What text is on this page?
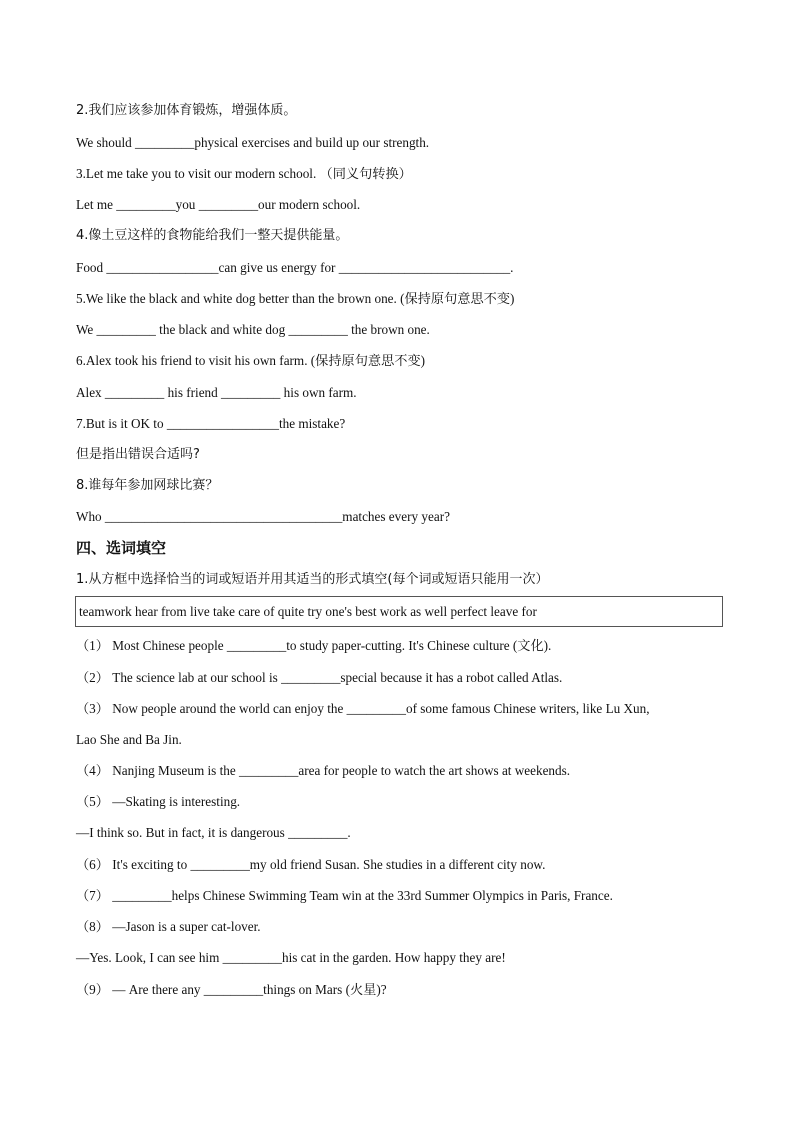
2.我们应该参加体育锻炼，增强体质。
We should _________physical exercises and build up our strength.
3.Let me take you to visit our modern school. （同义句转换）
Let me _________you _________our modern school.
4.像土豆这样的食物能给我们一整天提供能量。
Food _________________can give us energy for __________________________.
5.We like the black and white dog better than the brown one. (保持原句意思不变)
We _________ the black and white dog _________ the brown one.
6.Alex took his friend to visit his own farm. (保持原句意思不变)
Alex _________ his friend _________ his own farm.
7.But is it OK to _________________the mistake?
但是指出错误合适吗?
8.谁每年参加网球比赛？
Who ____________________________________matches every year?
四、选词填空
1.从方框中选择恰当的词或短语并用其适当的形式填空(每个词或短语只能用一次）
teamwork hear from live take care of quite try one's best work as well perfect leave for
（1） Most Chinese people _________to study paper-cutting. It's Chinese culture (文化).
（2） The science lab at our school is _________special because it has a robot called Atlas.
（3） Now people around the world can enjoy the _________of some famous Chinese writers, like Lu Xun,
Lao She and Ba Jin.
（4） Nanjing Museum is the _________area for people to watch the art shows at weekends.
（5） —Skating is interesting.
—I think so. But in fact, it is dangerous _________.
（6） It's exciting to _________my old friend Susan. She studies in a different city now.
（7） _________helps Chinese Swimming Team win at the 33rd Summer Olympics in Paris, France.
（8） —Jason is a super cat-lover.
—Yes. Look, I can see him _________his cat in the garden. How happy they are!
（9） — Are there any _________things on Mars (火星)?
